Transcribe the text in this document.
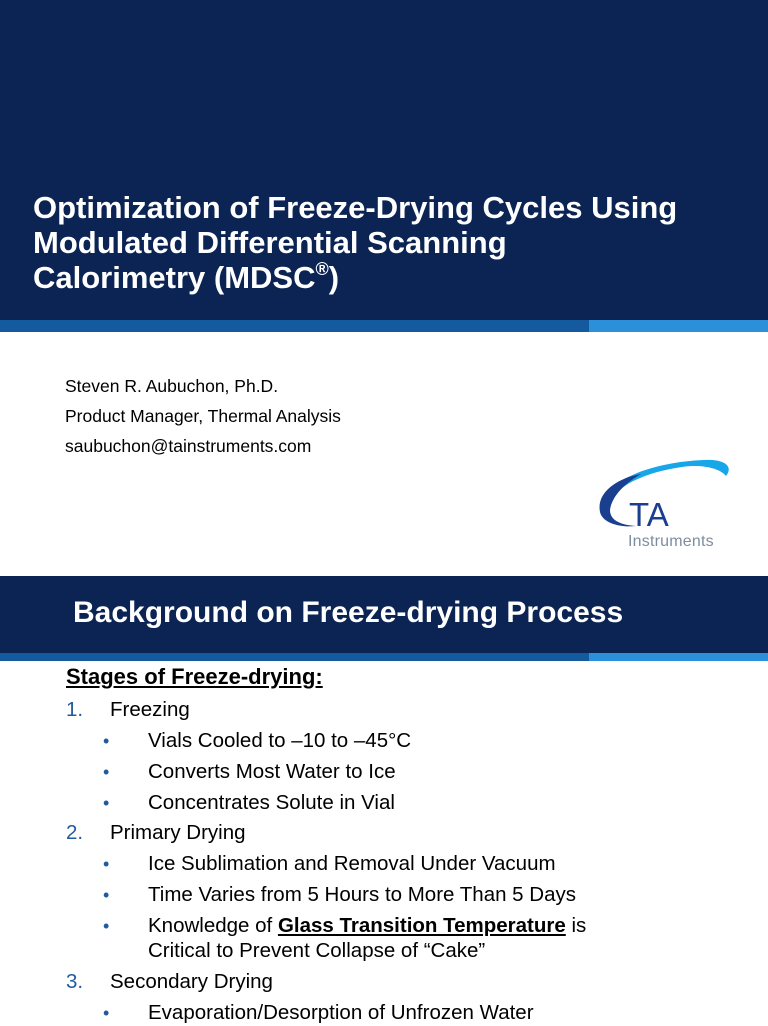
Optimization of Freeze-Drying Cycles Using
Modulated Differential Scanning
Calorimetry (MDSC®)
Steven R. Aubuchon, Ph.D.
Product Manager, Thermal Analysis
saubuchon@tainstruments.com
TA
Instruments
Background on Freeze-drying Process
Stages of Freeze-drying:
1. Freezing
• Vials Cooled to –10 to –45°C
• Converts Most Water to Ice
• Concentrates Solute in Vial
2. Primary Drying
• Ice Sublimation and Removal Under Vacuum
• Time Varies from 5 Hours to More Than 5 Days
• Knowledge of Glass Transition Temperature is
Critical to Prevent Collapse of “Cake”
3. Secondary Drying
• Evaporation/Desorption of Unfrozen Water
